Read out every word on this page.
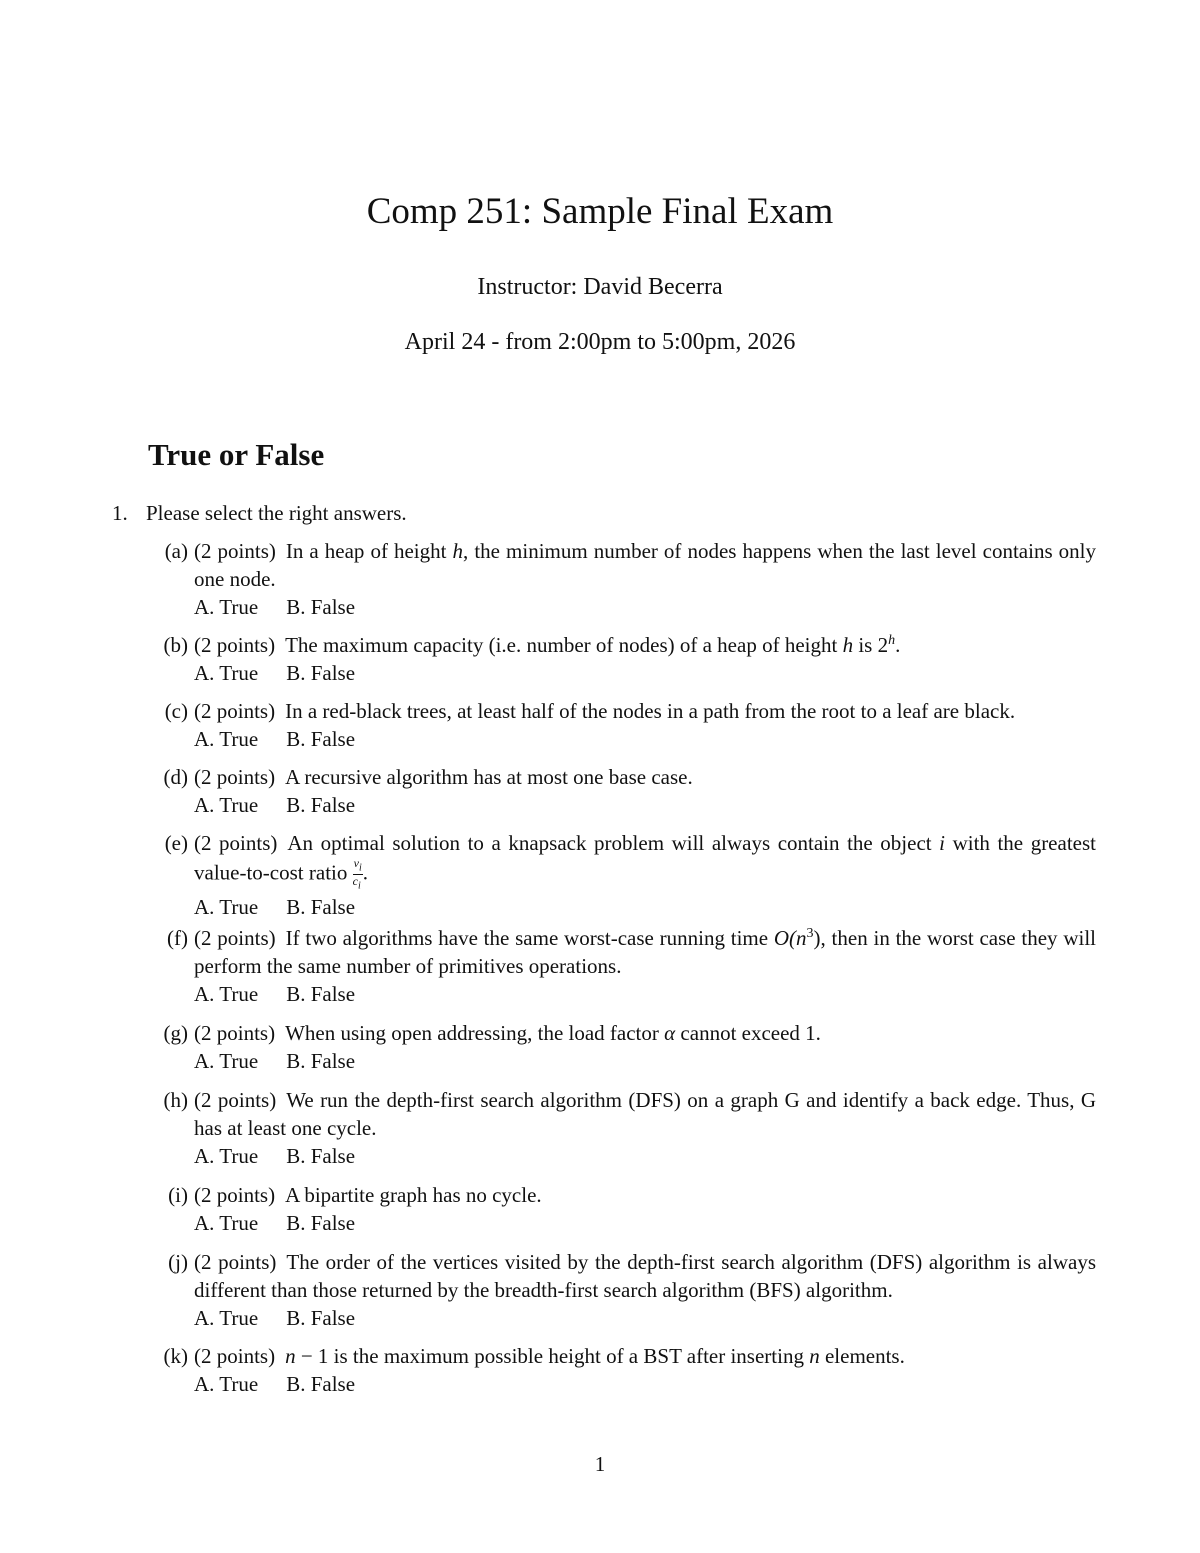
Comp 251: Sample Final Exam
Instructor: David Becerra
April 24 - from 2:00pm to 5:00pm, 2026
True or False
1. Please select the right answers.
(a) (2 points) In a heap of height h, the minimum number of nodes happens when the last level contains only one node.
A. True B. False
(b) (2 points) The maximum capacity (i.e. number of nodes) of a heap of height h is 2$^h$.
A. True B. False
(c) (2 points) In a red-black trees, at least half of the nodes in a path from the root to a leaf are black.
A. True B. False
(d) (2 points) A recursive algorithm has at most one base case.
A. True B. False
(e) (2 points) An optimal solution to a knapsack problem will always contain the object i with the greatest value-to-cost ratio $\frac{v_i}{c_i}$ .
A. True B. False
(f) (2 points) If two algorithms have the same worst-case running time $O(n^3)$, then in the worst case they will perform the same number of primitives operations.
A. True B. False
(g) (2 points) When using open addressing, the load factor α cannot exceed 1.
A. True B. False
(h) (2 points) We run the depth-first search algorithm (DFS) on a graph G and identify a back edge. Thus, G has at least one cycle.
A. True B. False
(i) (2 points) A bipartite graph has no cycle.
A. True B. False
(j) (2 points) The order of the vertices visited by the depth-first search algorithm (DFS) algorithm is always different than those returned by the breadth-first search algorithm (BFS) algorithm.
A. True B. False
(k) (2 points) n − 1 is the maximum possible height of a BST after inserting n elements.
A. True B. False
1
